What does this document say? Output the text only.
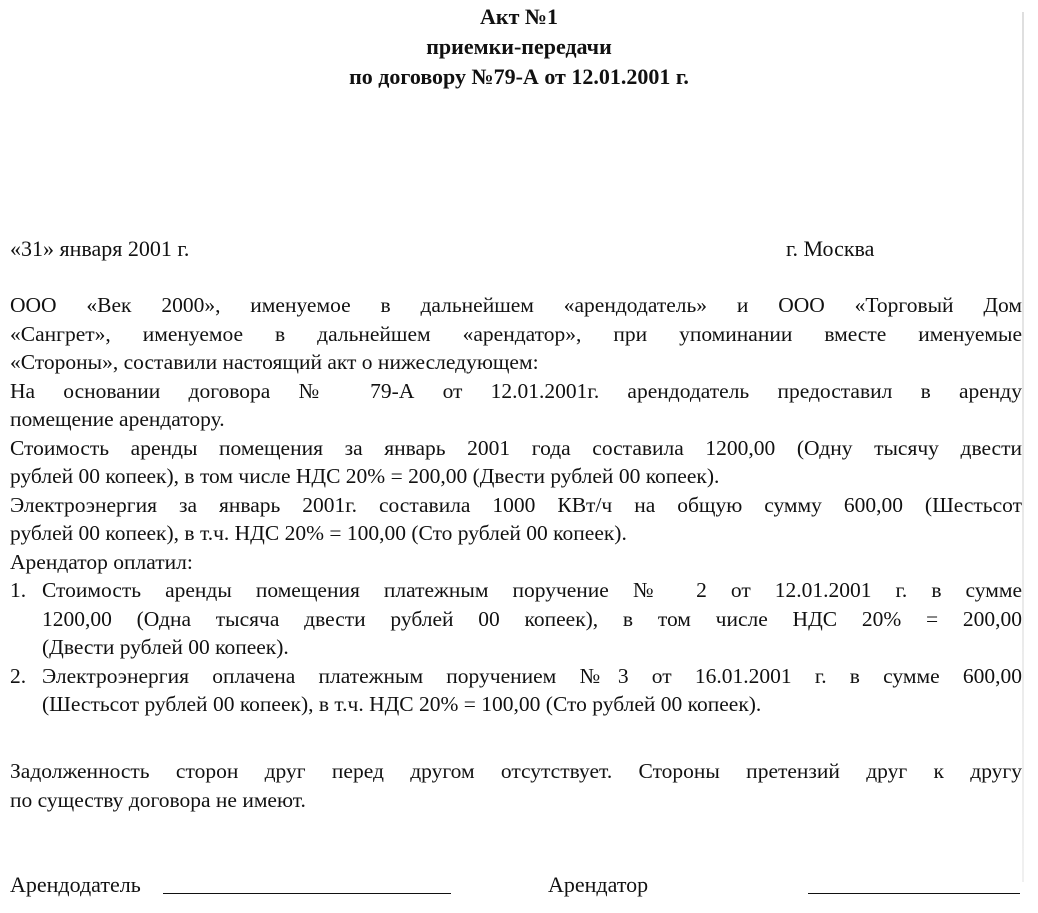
Акт №1
приемки-передачи
по договору №79-А от 12.01.2001 г.
«31» января 2001 г.	г. Москва
ООО «Век 2000», именуемое в дальнейшем «арендодатель» и ООО «Торговый Дом
«Сангрет», именуемое в дальнейшем «арендатор», при упоминании вместе именуемые
«Стороны», составили настоящий акт о нижеследующем:
На основании договора № 79-А от 12.01.2001г. арендодатель предоставил в аренду
помещение арендатору.
Стоимость аренды помещения за январь 2001 года составила 1200,00 (Одну тысячу двести
рублей 00 копеек), в том числе НДС 20% = 200,00 (Двести рублей 00 копеек).
Электроэнергия за январь 2001г. составила 1000 КВт/ч на общую сумму 600,00 (Шестьсот
рублей 00 копеек), в т.ч. НДС 20% = 100,00 (Сто рублей 00 копеек).
Арендатор оплатил:
1. Стоимость аренды помещения платежным поручение № 2 от 12.01.2001 г. в сумме
1200,00 (Одна тысяча двести рублей 00 копеек), в том числе НДС 20% = 200,00
(Двести рублей 00 копеек).
2. Электроэнергия оплачена платежным поручением №3 от 16.01.2001 г. в сумме 600,00
(Шестьсот рублей 00 копеек), в т.ч. НДС 20% = 100,00 (Сто рублей 00 копеек).
Задолженность сторон друг перед другом отсутствует. Стороны претензий друг к другу
по существу договора не имеют.
Арендодатель	Арендатор
